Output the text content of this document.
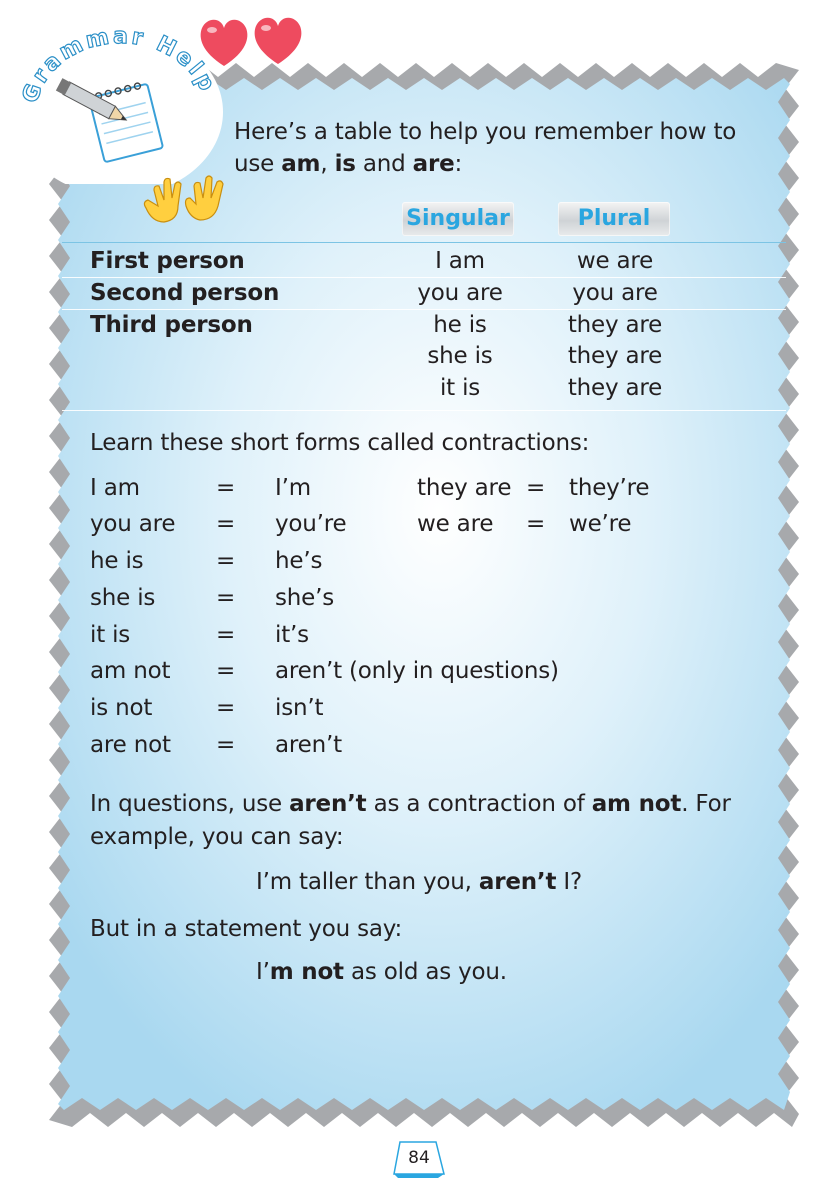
Grammar Help
Here’s a table to help you remember how to
use am, is and are:
Singular	Plural
First person	I am	we are
Second person	you are	you are
Third person	he is	they are
she is	they are
it is	they are
Learn these short forms called contractions:
I am	= I’m
you are = you’re
he is	= he’s
she is	= she’s
it is	= it’s
am not = aren’t (only in questions)
is not	= isn’t
are not = aren’t
they are = they’re
we are = we’re
In questions, use aren’t as a contraction of am not. For
example, you can say:
I’m taller than you, aren’t I?
But in a statement you say:
I’m not as old as you.
84
